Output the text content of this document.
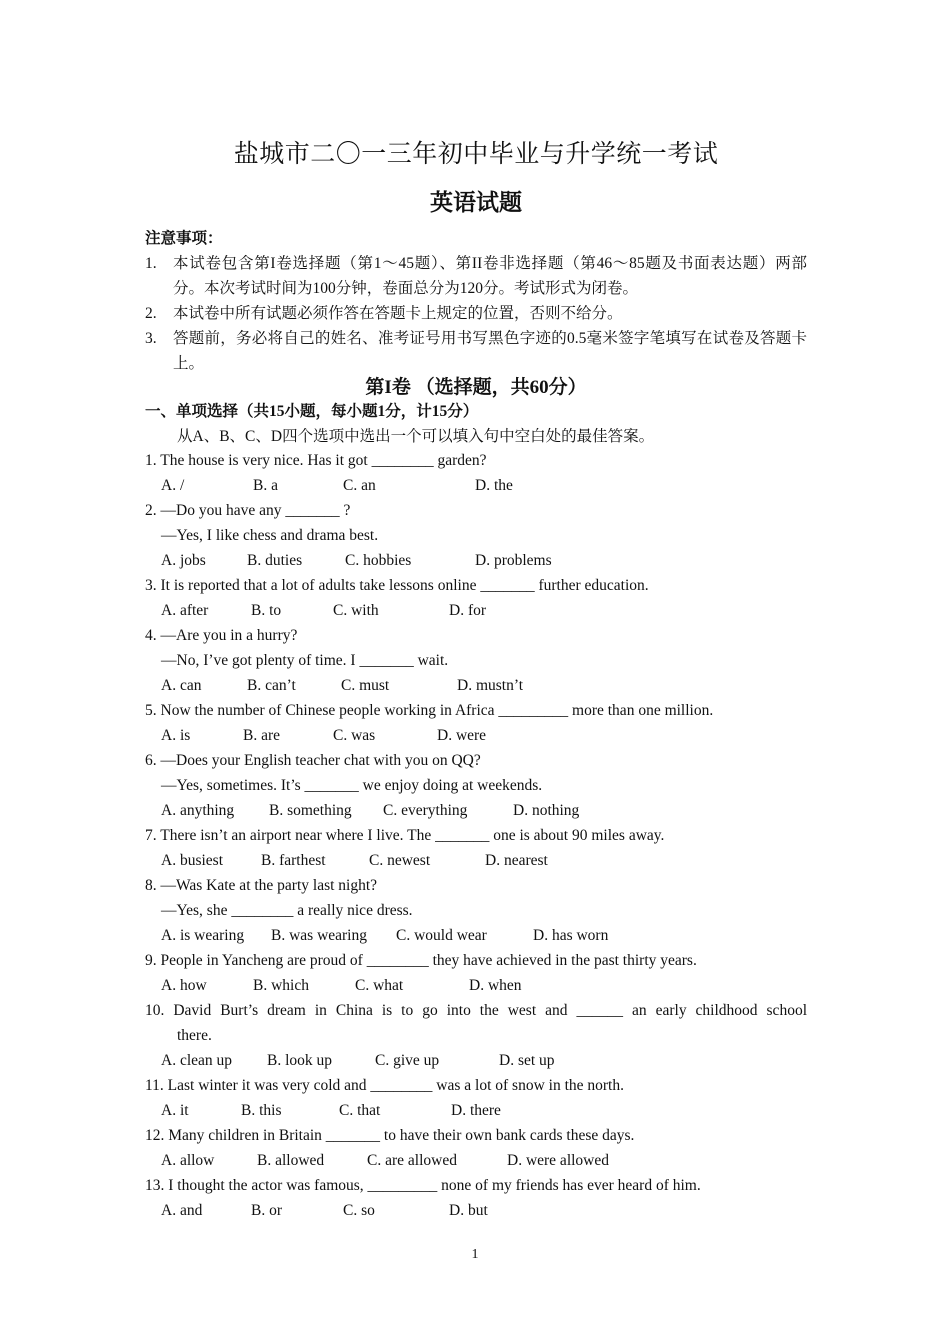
盐城市二〇一三年初中毕业与升学统一考试
英语试题
注意事项：
1. 本试卷包含第I卷选择题（第1～45题）、第II卷非选择题（第46～85题及书面表达题）两部分。本次考试时间为100分钟，卷面总分为120分。考试形式为闭卷。
2. 本试卷中所有试题必须作答在答题卡上规定的位置，否则不给分。
3. 答题前，务必将自己的姓名、准考证号用书写黑色字迹的0.5毫米签字笔填写在试卷及答题卡上。
第I卷 （选择题，共60分）
一、单项选择（共15小题，每小题1分，计15分）
从A、B、C、D四个选项中选出一个可以填入句中空白处的最佳答案。
1. The house is very nice. Has it got ________ garden?
A. /	B. a	C. an	D. the
2. —Do you have any _______ ?
—Yes, I like chess and drama best.
A. jobs	B. duties	C. hobbies	D. problems
3. It is reported that a lot of adults take lessons online _______ further education.
A. after	B. to	C. with	D. for
4. —Are you in a hurry?
—No, I’ve got plenty of time. I _______ wait.
A. can	B. can’t	C. must	D. mustn’t
5. Now the number of Chinese people working in Africa _________ more than one million.
A. is	B. are	C. was	D. were
6. —Does your English teacher chat with you on QQ?
—Yes, sometimes. It’s _______ we enjoy doing at weekends.
A. anything B. something C. everything	D. nothing
7. There isn’t an airport near where I live. The _______ one is about 90 miles away.
A. busiest B. farthest	C. newest	D. nearest
8. —Was Kate at the party last night?
—Yes, she ________ a really nice dress.
A. is wearing B. was wearing C. would wear	D. has worn
9. People in Yancheng are proud of ________ they have achieved in the past thirty years.
A. how	B. which	C. what	D. when
10. David Burt’s dream in China is to go into the west and ______ an early childhood school
there.
A. clean up B. look up	C. give up	D. set up
11. Last winter it was very cold and ________ was a lot of snow in the north.
A. it	B. this	C. that	D. there
12. Many children in Britain _______ to have their own bank cards these days.
A. allow	B. allowed	C. are allowed	D. were allowed
13. I thought the actor was famous, _________ none of my friends has ever heard of him.
A. and	B. or	C. so	D. but
1
